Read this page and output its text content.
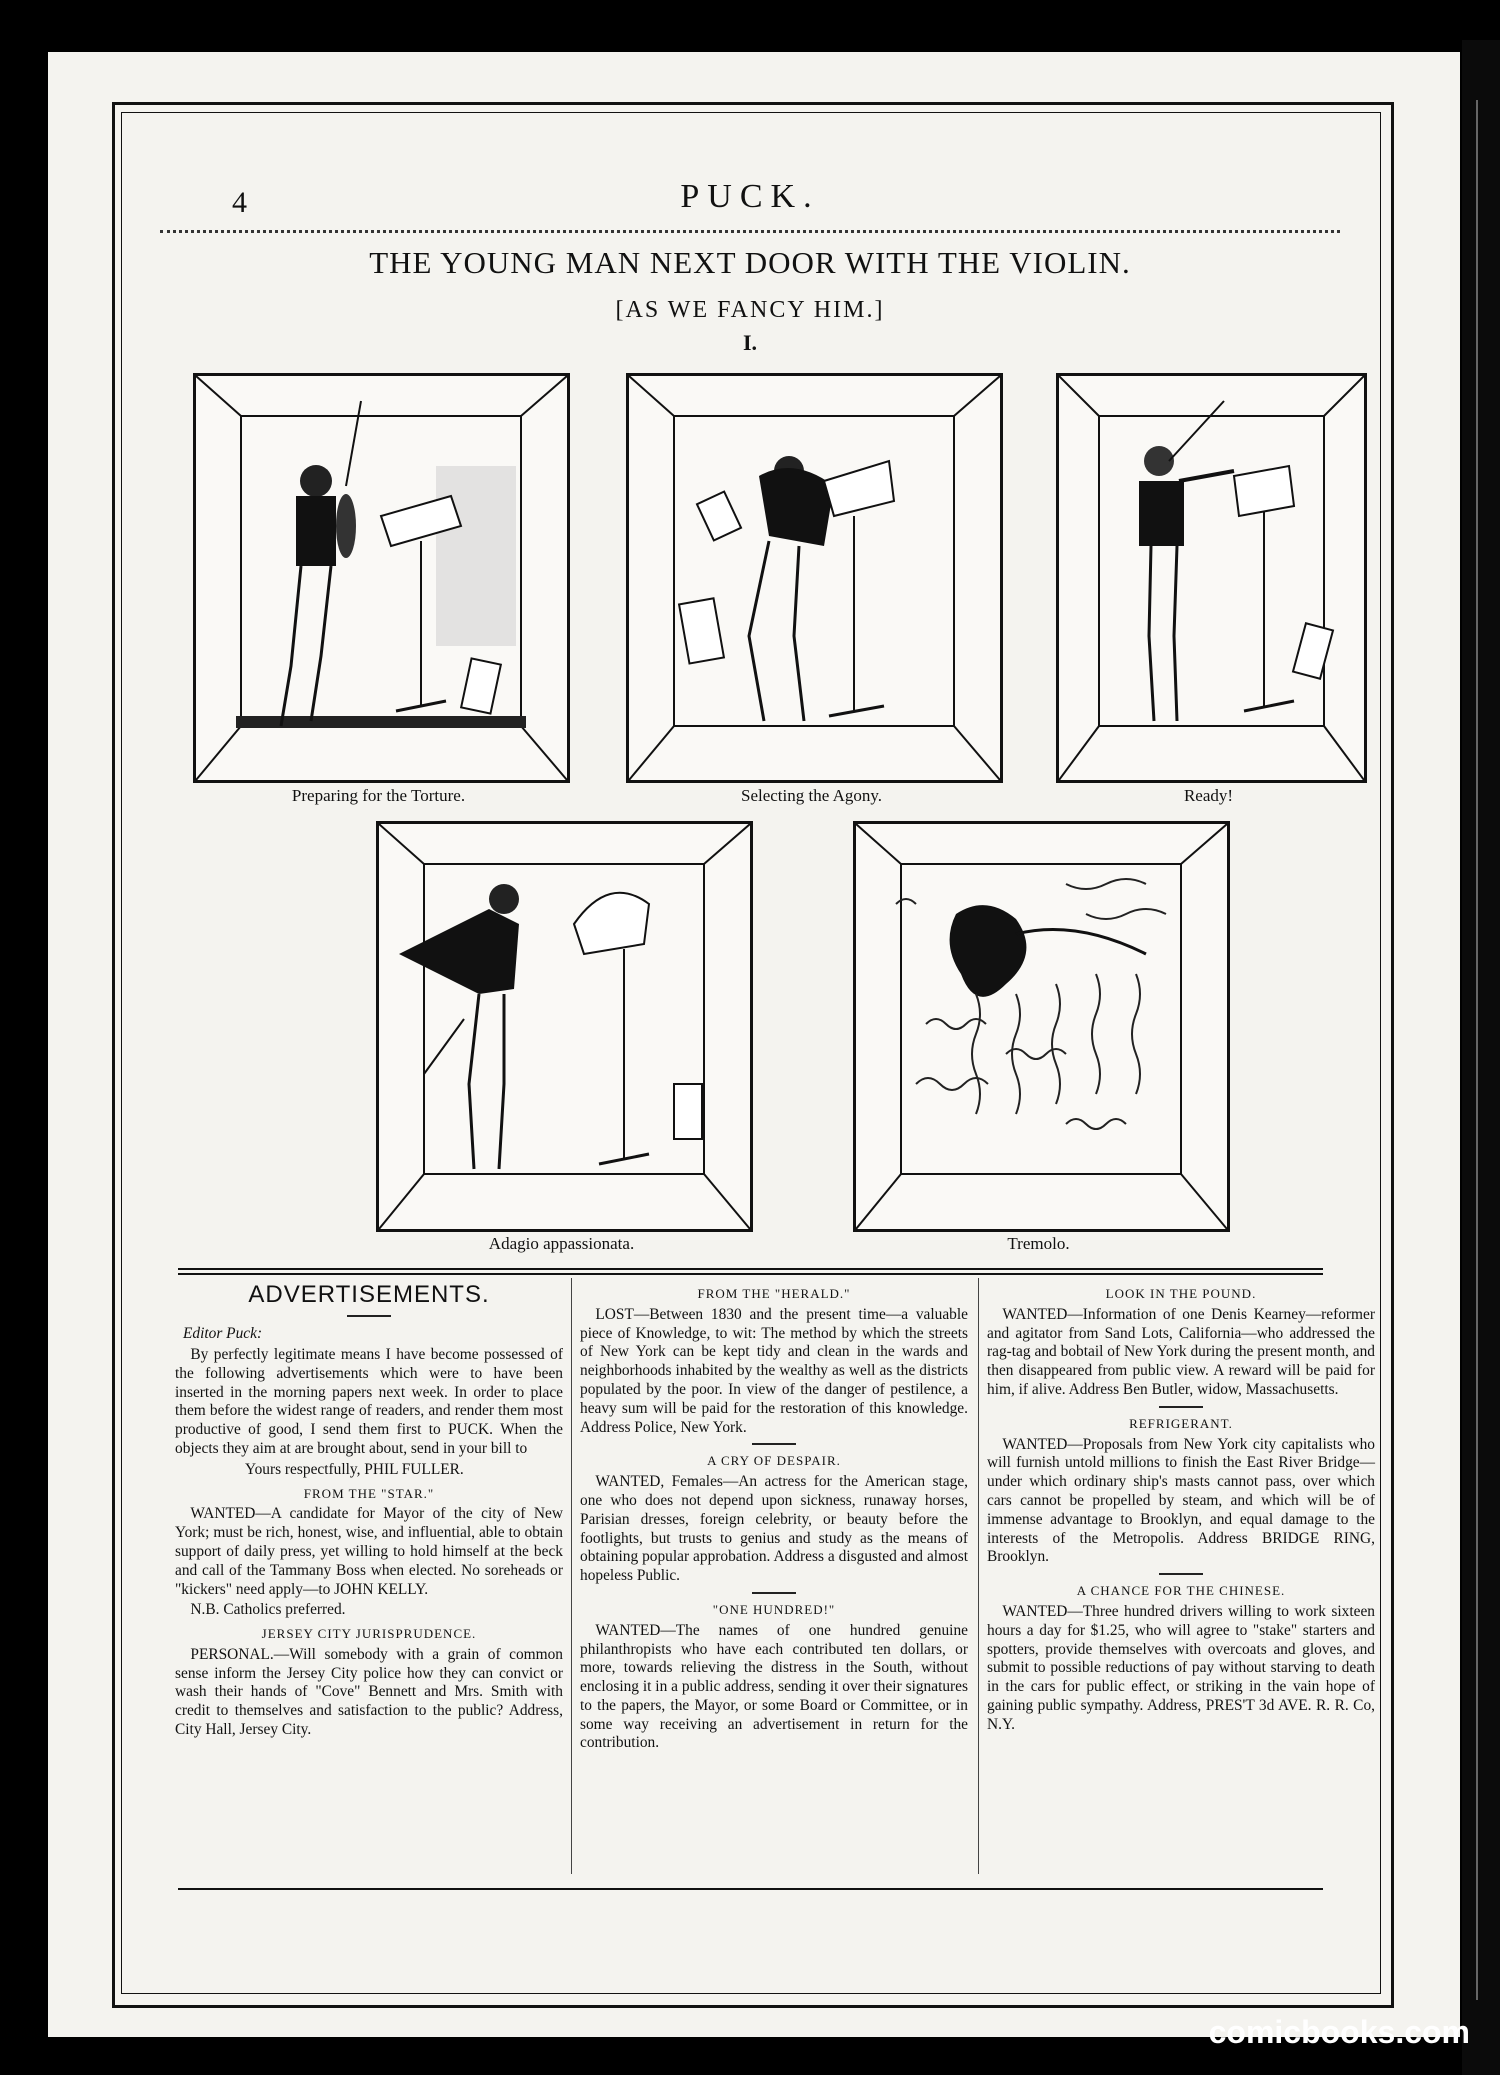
4	PUCK.
THE YOUNG MAN NEXT DOOR WITH THE VIOLIN.
[AS WE FANCY HIM.]
I.
Preparing for the Torture.	Selecting the Agony.	Ready!
Adagio appassionata.	Tremolo.
ADVERTISEMENTS.
Editor Puck:

By perfectly legitimate means I have become possessed of the following advertisements which were to have been inserted in the morning papers next week. In order to place them before the widest range of readers, and render them most productive of good, I send them first to PUCK. When the objects they aim at are brought about, send in your bill to

Yours respectfully, PHIL FULLER.

FROM THE "STAR."

WANTED—A candidate for Mayor of the city of New York; must be rich, honest, wise, and influential, able to obtain support of daily press, yet willing to hold himself at the beck and call of the Tammany Boss when elected. No soreheads or "kickers" need apply—to JOHN KELLY.

N.B. Catholics preferred.

JERSEY CITY JURISPRUDENCE.

PERSONAL.—Will somebody with a grain of common sense inform the Jersey City police how they can convict or wash their hands of "Cove" Bennett and Mrs. Smith with credit to themselves and satisfaction to the public? Address, City Hall, Jersey City.

FROM THE "HERALD."

LOST—Between 1830 and the present time—a valuable piece of Knowledge, to wit: The method by which the streets of New York can be kept tidy and clean in the wards and neighborhoods inhabited by the wealthy as well as the districts populated by the poor. In view of the danger of pestilence, a heavy sum will be paid for the restoration of this knowledge. Address Police, New York.

A CRY OF DESPAIR.

WANTED, Females—An actress for the American stage, one who does not depend upon sickness, runaway horses, Parisian dresses, foreign celebrity, or beauty before the footlights, but trusts to genius and study as the means of obtaining popular approbation. Address a disgusted and almost hopeless Public.

"ONE HUNDRED!"

WANTED—The names of one hundred genuine philanthropists who have each contributed ten dollars, or more, towards relieving the distress in the South, without enclosing it in a public address, sending it over their signatures to the papers, the Mayor, or some Board or Committee, or in some way receiving an advertisement in return for the contribution.

LOOK IN THE POUND.

WANTED—Information of one Denis Kearney—reformer and agitator from Sand Lots, California—who addressed the rag-tag and bobtail of New York during the present month, and then disappeared from public view. A reward will be paid for him, if alive. Address Ben Butler, widow, Massachusetts.

REFRIGERANT.

WANTED—Proposals from New York city capitalists who will furnish untold millions to finish the East River Bridge—under which ordinary ship's masts cannot pass, over which cars cannot be propelled by steam, and which will be of immense advantage to Brooklyn, and equal damage to the interests of the Metropolis. Address BRIDGE RING, Brooklyn.

A CHANCE FOR THE CHINESE.

WANTED—Three hundred drivers willing to work sixteen hours a day for $1.25, who will agree to "stake" starters and spotters, provide themselves with overcoats and gloves, and submit to possible reductions of pay without starving to death in the cars for public effect, or striking in the vain hope of gaining public sympathy. Address, PRES'T 3d AVE. R. R. Co, N.Y.

comicbooks.com
